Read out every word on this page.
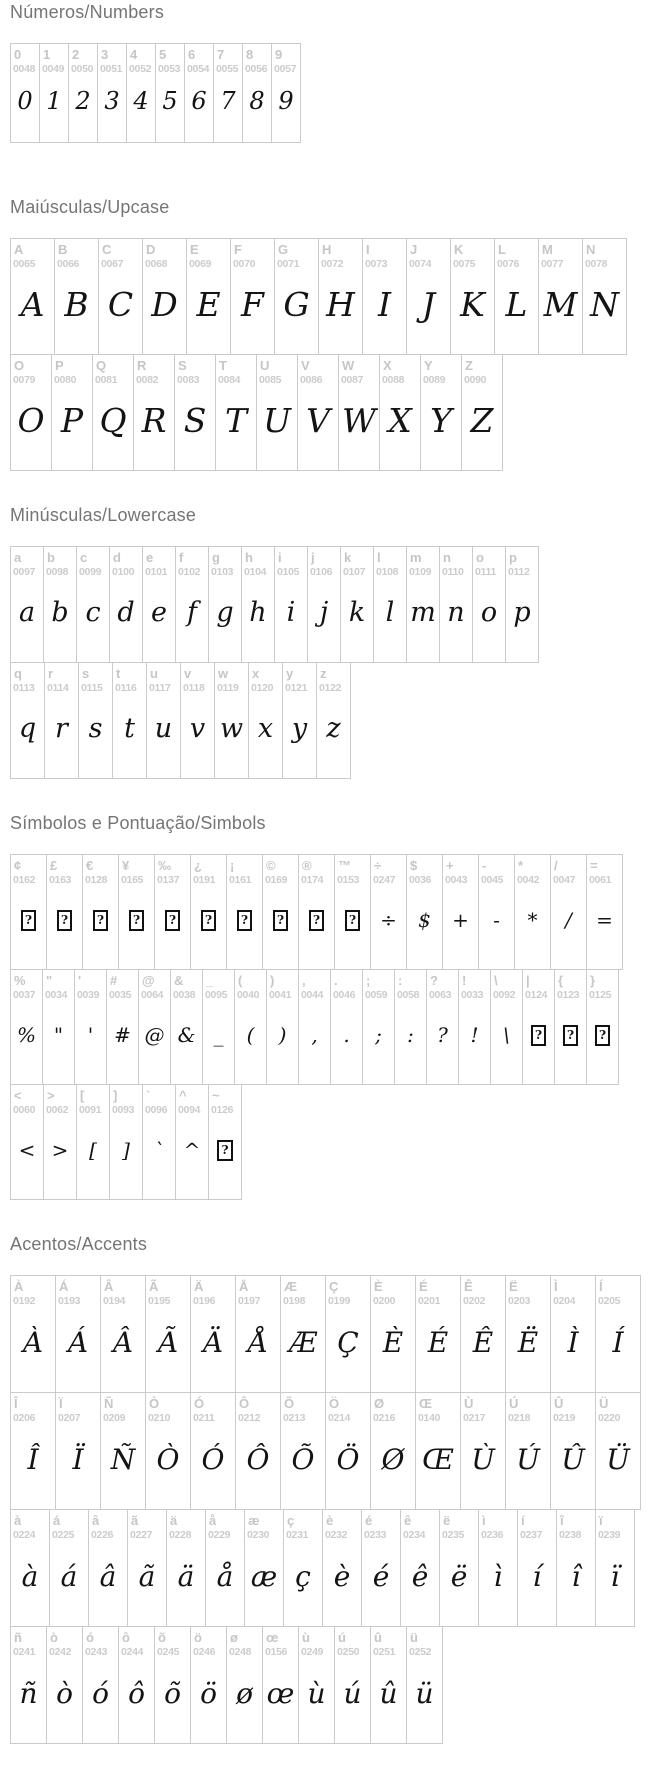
Números/Numbers
0
0048
0
1
0049
1
2
0050
2
3
0051
3
4
0052
4
5
0053
5
6
0054
6
7
0055
7
8
0056
8
9
0057
9
Maiúsculas/Upcase
A
0065
A
B
0066
B
C
0067
C
D
0068
D
E
0069
E
F
0070
F
G
0071
G
H
0072
H
I
0073
I
J
0074
J
K
0075
K
L
0076
L
M
0077
M
N
0078
N
O
0079
O
P
0080
P
Q
0081
Q
R
0082
R
S
0083
S
T
0084
T
U
0085
U
V
0086
V
W
0087
W
X
0088
X
Y
0089
Y
Z
0090
Z
Minúsculas/Lowercase
a
0097
a
b
0098
b
c
0099
c
d
0100
d
e
0101
e
f
0102
f
g
0103
g
h
0104
h
i
0105
i
j
0106
j
k
0107
k
l
0108
l
m
0109
m
n
0110
n
o
0111
o
p
0112
p
q
0113
q
r
0114
r
s
0115
s
t
0116
t
u
0117
u
v
0118
v
w
0119
w
x
0120
x
y
0121
y
z
0122
z
Símbolos e Pontuação/Simbols
¢
0162
?
£
0163
?
€
0128
?
¥
0165
?
‰
0137
?
¿
0191
?
¡
0161
?
©
0169
?
®
0174
?
™
0153
?
÷
0247
÷
$
0036
$
+
0043
+
-
0045
-
*
0042
*
/
0047
/
=
0061
=
%
0037
%
"
0034
"
'
0039
'
#
0035
#
@
0064
@
&
0038
&
_
0095
_
(
0040
(
)
0041
)
,
0044
,
.
0046
.
;
0059
;
:
0058
:
?
0063
?
!
0033
!
\
0092
\
|
0124
?
{
0123
?
}
0125
?
<
0060
<
>
0062
>
[
0091
[
]
0093
]
`
0096
`
^
0094
^
~
0126
?
Acentos/Accents
À
0192
À
Á
0193
Á
Â
0194
Â
Ã
0195
Ã
Ä
0196
Ä
Å
0197
Å
Æ
0198
Æ
Ç
0199
Ç
È
0200
È
É
0201
É
Ê
0202
Ê
Ë
0203
Ë
Ì
0204
Ì
Í
0205
Í
Î
0206
Î
Ï
0207
Ï
Ñ
0209
Ñ
Ò
0210
Ò
Ó
0211
Ó
Ô
0212
Ô
Õ
0213
Õ
Ö
0214
Ö
Ø
0216
Ø
Œ
0140
Œ
Ù
0217
Ù
Ú
0218
Ú
Û
0219
Û
Ü
0220
Ü
à
0224
à
á
0225
á
â
0226
â
ã
0227
ã
ä
0228
ä
å
0229
å
æ
0230
æ
ç
0231
ç
è
0232
è
é
0233
é
ê
0234
ê
ë
0235
ë
ì
0236
ì
í
0237
í
î
0238
î
ï
0239
ï
ñ
0241
ñ
ò
0242
ò
ó
0243
ó
ô
0244
ô
õ
0245
õ
ö
0246
ö
ø
0248
ø
œ
0156
œ
ù
0249
ù
ú
0250
ú
û
0251
û
ü
0252
ü
